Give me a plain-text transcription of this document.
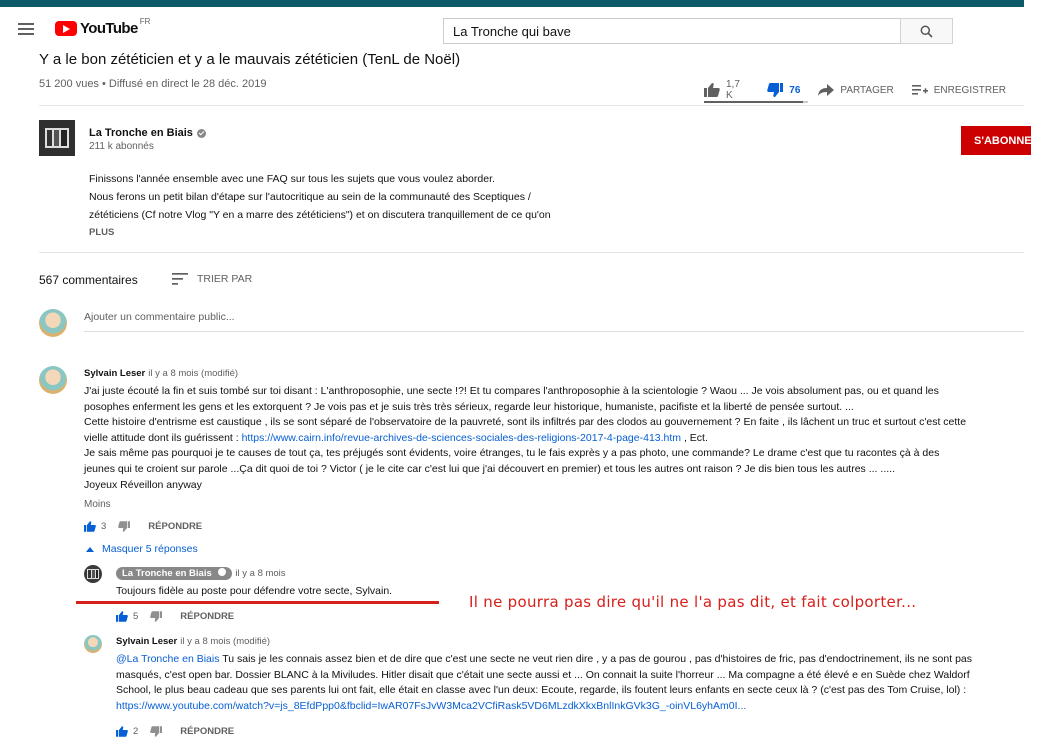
YouTube FR
La Tronche qui bave
Y a le bon zététicien et y a le mauvais zététicien (TenL de Noël)
51 200 vues • Diffusé en direct le 28 déc. 2019	1,7 K	76	PARTAGER	ENREGISTRER
La Tronche en Biais
211 k abonnés	S'ABONNER
Finissons l'année ensemble avec une FAQ sur tous les sujets que vous voulez aborder.
Nous ferons un petit bilan d'étape sur l'autocritique au sein de la communauté des Sceptiques /
zététiciens (Cf notre Vlog "Y en a marre des zététiciens") et on discutera tranquillement de ce qu'on
PLUS
567 commentaires	TRIER PAR
Ajouter un commentaire public...
Sylvain Leser il y a 8 mois (modifié)
J'ai juste écouté la fin et suis tombé sur toi disant : L'anthroposophie, une secte !?! Et tu compares l'anthroposophie à la scientologie ? Waou ... Je vois absolument pas, ou et quand les
posophes enferment les gens et les extorquent ? Je vois pas et je suis très très sérieux, regarde leur historique, humaniste, pacifiste et la liberté de pensée surtout. ...
Cette histoire d'entrisme est caustique , ils se sont séparé de l'observatoire de la pauvreté, sont ils infiltrés par des clodos au gouvernement ? En faite , ils lâchent un truc et surtout c'est cette
vielle attitude dont ils guérissent : https://www.cairn.info/revue-archives-de-sciences-sociales-des-religions-2017-4-page-413.htm , Ect.
Je sais même pas pourquoi je te causes de tout ça, tes préjugés sont évidents, voire étranges, tu le fais exprès y a pas photo, une commande? Le drame c'est que tu racontes çà à des
jeunes qui te croient sur parole ...Ça dit quoi de toi ? Victor ( je le cite car c'est lui que j'ai découvert en premier) et tous les autres ont raison ? Je dis bien tous les autres ... .....
Joyeux Réveillon anyway
Moins
3	RÉPONDRE
Masquer 5 réponses
La Tronche en Biais il y a 8 mois
Toujours fidèle au poste pour défendre votre secte, Sylvain.
Il ne pourra pas dire qu'il ne l'a pas dit, et fait colporter...
5	RÉPONDRE
Sylvain Leser il y a 8 mois (modifié)
@La Tronche en Biais Tu sais je les connais assez bien et de dire que c'est une secte ne veut rien dire , y a pas de gourou , pas d'histoires de fric, pas d'endoctrinement, ils ne sont pas
masqués, c'est open bar. Dossier BLANC à la Miviludes. Hitler disait que c'était une secte aussi et ... On connait la suite l'horreur ... Ma compagne a été élevé e en Suède chez Waldorf
School, le plus beau cadeau que ses parents lui ont fait, elle était en classe avec l'un deux: Ecoute, regarde, ils foutent leurs enfants en secte ceux là ? (c'est pas des Tom Cruise, lol) :
https://www.youtube.com/watch?v=js_8EfdPpp0&fbclid=IwAR07FsJvW3Mca2VCfiRask5VD6MLzdkXkxBnlInkGVk3G_-oinVL6yhAm0I...
2	RÉPONDRE
